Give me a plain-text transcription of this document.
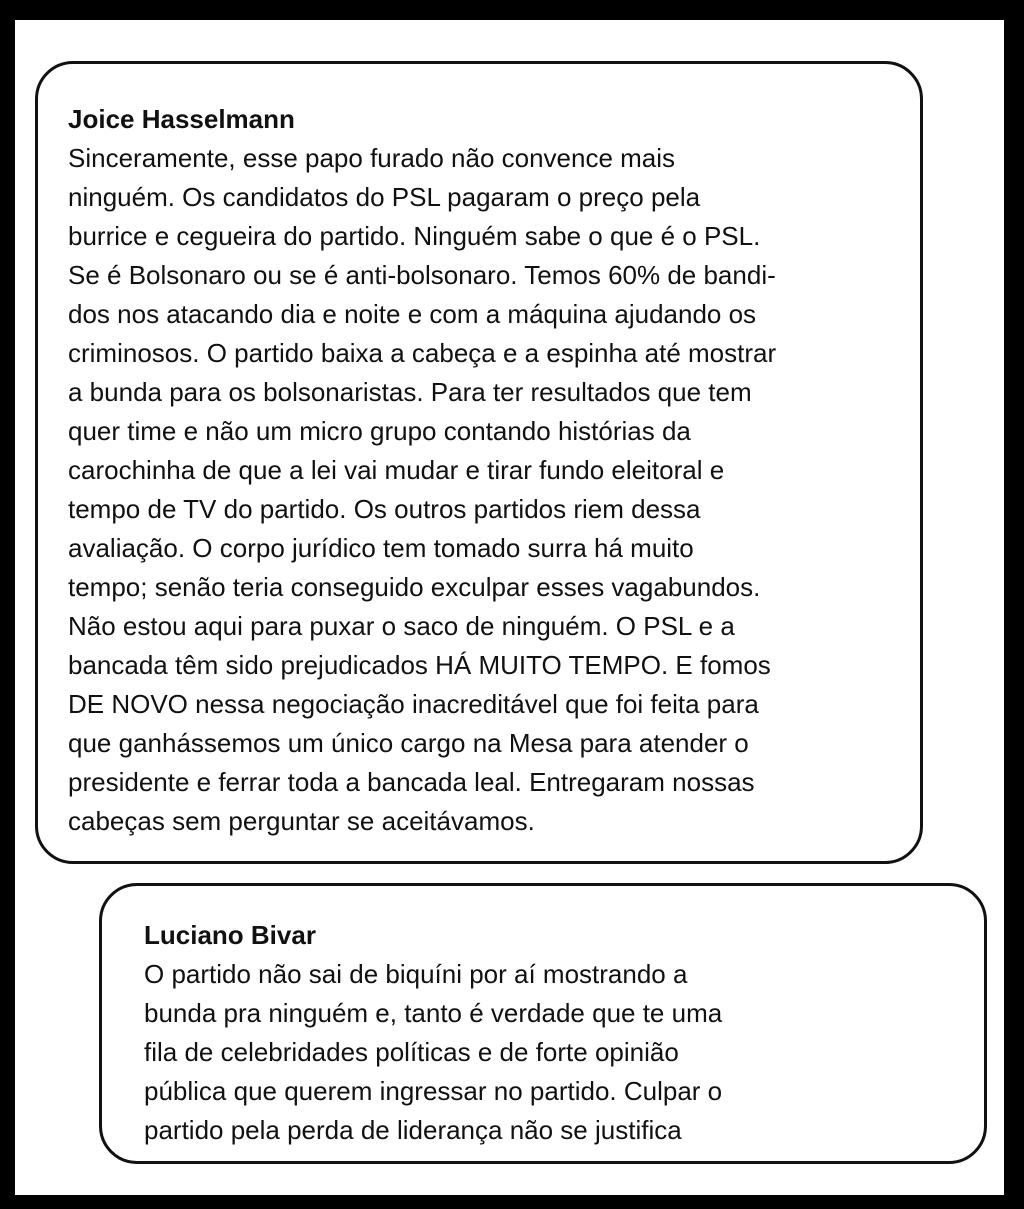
Joice Hasselmann
Sinceramente, esse papo furado não convence mais
ninguém. Os candidatos do PSL pagaram o preço pela
burrice e cegueira do partido. Ninguém sabe o que é o PSL.
Se é Bolsonaro ou se é anti-bolsonaro. Temos 60% de bandi-
dos nos atacando dia e noite e com a máquina ajudando os
criminosos. O partido baixa a cabeça e a espinha até mostrar
a bunda para os bolsonaristas. Para ter resultados que tem
quer time e não um micro grupo contando histórias da
carochinha de que a lei vai mudar e tirar fundo eleitoral e
tempo de TV do partido. Os outros partidos riem dessa
avaliação. O corpo jurídico tem tomado surra há muito
tempo; senão teria conseguido exculpar esses vagabundos.
Não estou aqui para puxar o saco de ninguém. O PSL e a
bancada têm sido prejudicados HÁ MUITO TEMPO. E fomos
DE NOVO nessa negociação inacreditável que foi feita para
que ganhássemos um único cargo na Mesa para atender o
presidente e ferrar toda a bancada leal. Entregaram nossas
cabeças sem perguntar se aceitávamos.
Luciano Bivar
O partido não sai de biquíni por aí mostrando a
bunda pra ninguém e, tanto é verdade que te uma
fila de celebridades políticas e de forte opinião
pública que querem ingressar no partido. Culpar o
partido pela perda de liderança não se justifica
